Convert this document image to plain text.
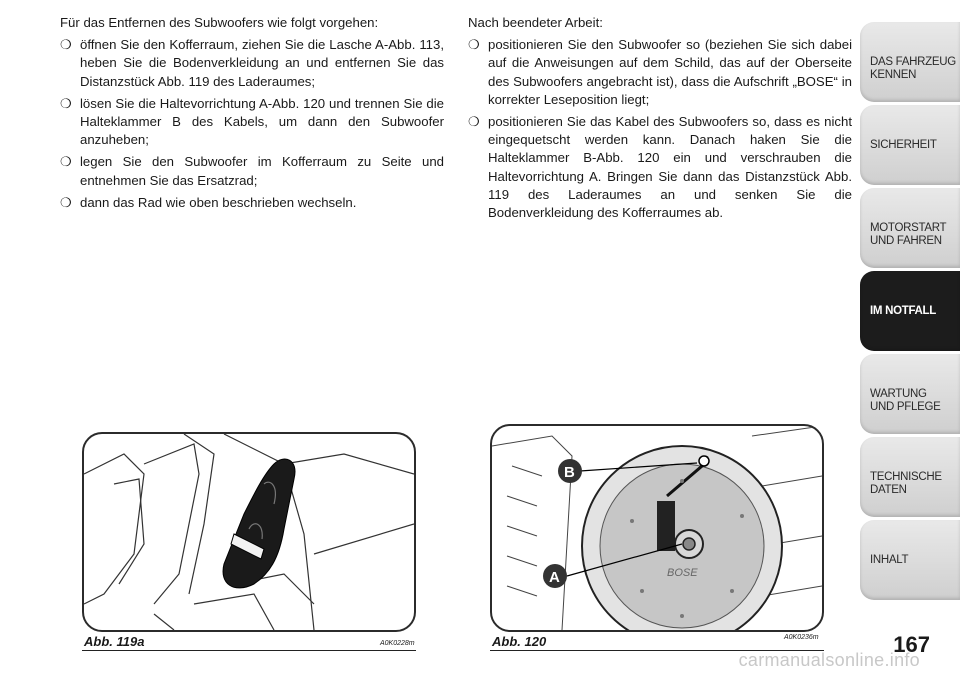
Für das Entfernen des Subwoofers wie folgt vorgehen:

❍ öffnen Sie den Kofferraum, ziehen Sie die Lasche A-Abb. 113, heben Sie die Bodenverkleidung an und entfernen Sie das Distanzstück Abb. 119 des Laderaumes;
❍ lösen Sie die Haltevorrichtung A-Abb. 120 und trennen Sie die Halteklammer B des Kabels, um dann den Subwoofer anzuheben;
❍ legen Sie den Subwoofer im Kofferraum zu Seite und entnehmen Sie das Ersatzrad;
❍ dann das Rad wie oben beschrieben wechseln.

Nach beendeter Arbeit:

❍ positionieren Sie den Subwoofer so (beziehen Sie sich dabei auf die Anweisungen auf dem Schild, das auf der Oberseite des Subwoofers angebracht ist), dass die Aufschrift „BOSE“ in korrekter Leseposition liegt;
❍ positionieren Sie das Kabel des Subwoofers so, dass es nicht eingequetscht werden kann. Danach haken Sie die Halteklammer B-Abb. 120 ein und verschrauben die Haltevorrichtung A. Bringen Sie dann das Distanzstück Abb. 119 des Laderaumes an und senken Sie die Bodenverkleidung des Kofferraumes ab.
DAS FAHRZEUG
KENNEN
SICHERHEIT
MOTORSTART
UND FAHREN
IM NOTFALL
WARTUNG
UND PFLEGE
TECHNISCHE
DATEN
INHALT
Abb. 119a	A0K0228m
BOSE
B
A
Abb. 120	A0K0236m	167
carmanualsonline.info
